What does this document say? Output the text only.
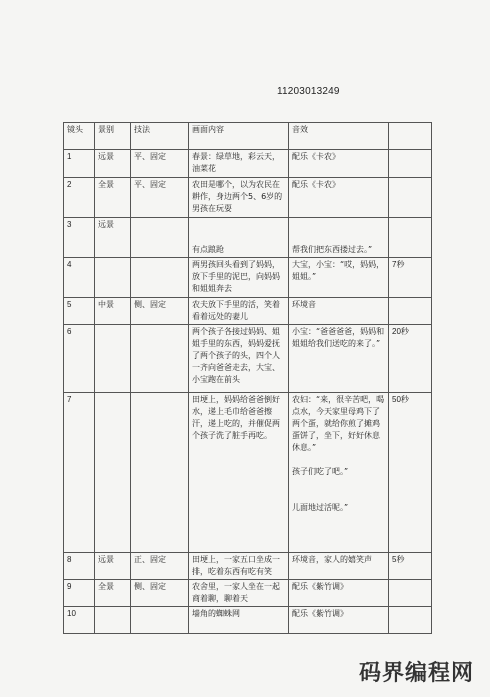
11203013249
镜头	景别	技法	画面内容	音效	
1	远景	平、固定	春景：绿草地，彩云天，油菜花	配乐《卡农》	
2	全景	平、固定	农田是哪个，以为农民在耕作，身边两个5、6岁的男孩在玩耍	配乐《卡农》	
3	远景		有点踉跄	帮我们把东西搂过去。”	
4			两男孩回头看到了妈妈，放下手里的泥巴，向妈妈和姐姐奔去	大宝，小宝：“哎，妈妈，姐姐。”	7秒
5	中景	侧、固定	农夫放下手里的活，笑着看着远处的妻儿	环境音	
6			两个孩子各接过妈妈、姐姐手里的东西，妈妈爱抚了两个孩子的头，四个人一齐向爸爸走去，大宝、小宝跑在前头	小宝：“爸爸爸爸，妈妈和姐姐给我们送吃的来了。”	20秒
7			田埂上，妈妈给爸爸倒好水，递上毛巾给爸爸擦汗，递上吃的，并催促两个孩子洗了脏手再吃。	农妇：“来，很辛苦吧，喝点水，今天家里母鸡下了两个蛋，就给你煎了摊鸡蛋饼了，坐下，好好休息休息。”
孩子们吃了吧。”
儿面地过活呢。”	50秒
8	远景	正、固定	田埂上，一家五口坐成一排，吃着东西有吃有笑	环境音，家人的嬉笑声	5秒
9	全景	侧、固定	农舍里，一家人坐在一起商着聊，聊着天	配乐《紫竹调》	
10			墙角的蜘蛛网	配乐《紫竹调》	
码界编程网
